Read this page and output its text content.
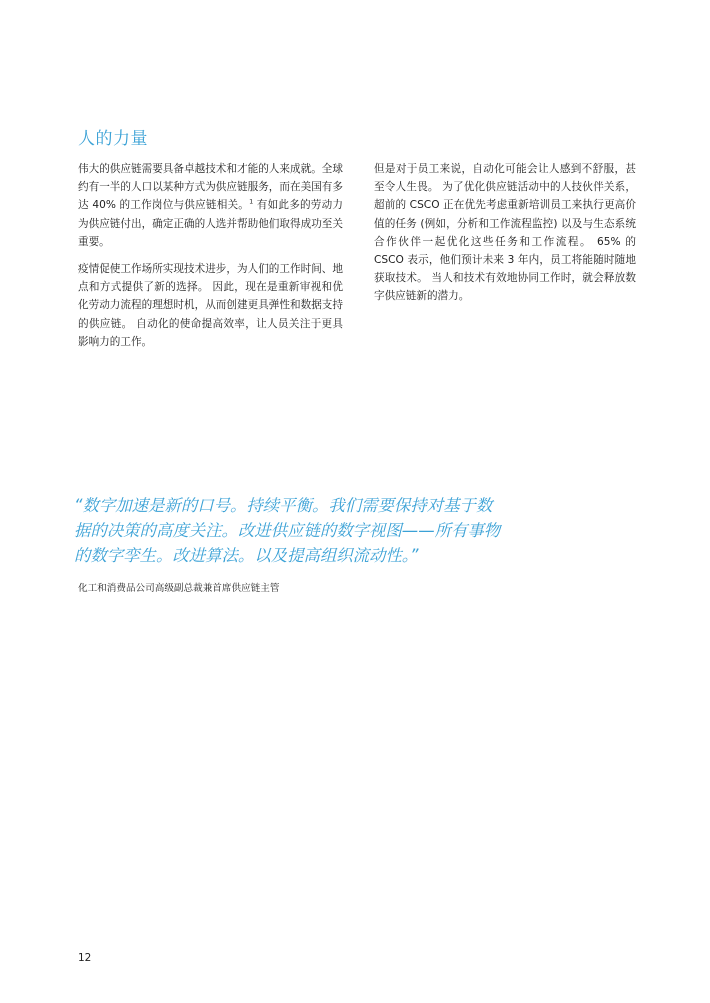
人的力量

伟大的供应链需要具备卓越技术和才能的人来成就。全球约有一半的人口以某种方式为供应链服务，而在美国有多达 40% 的工作岗位与供应链相关。$^1$ 有如此多的劳动力为供应链付出，确定正确的人选并帮助他们取得成功至关重要。

疫情促使工作场所实现技术进步，为人们的工作时间、地点和方式提供了新的选择。 因此，现在是重新审视和优化劳动力流程的理想时机，从而创建更具弹性和数据支持的供应链。 自动化的使命提高效率，让人员关注于更具影响力的工作。

但是对于员工来说，自动化可能会让人感到不舒服，甚至令人生畏。 为了优化供应链活动中的人技伙伴关系，超前的 CSCO 正在优先考虑重新培训员工来执行更高价值的任务 (例如，分析和工作流程监控) 以及与生态系统合作伙伴一起优化这些任务和工作流程。 65% 的 CSCO 表示，他们预计未来 3 年内，员工将能随时随地获取技术。 当人和技术有效地协同工作时，就会释放数字供应链新的潜力。

“数字加速是新的口号。持续平衡。我们需要保持对基于数据的决策的高度关注。改进供应链的数字视图——所有事物的数字孪生。改进算法。以及提高组织流动性。”

化工和消费品公司高级副总裁兼首席供应链主管

12
